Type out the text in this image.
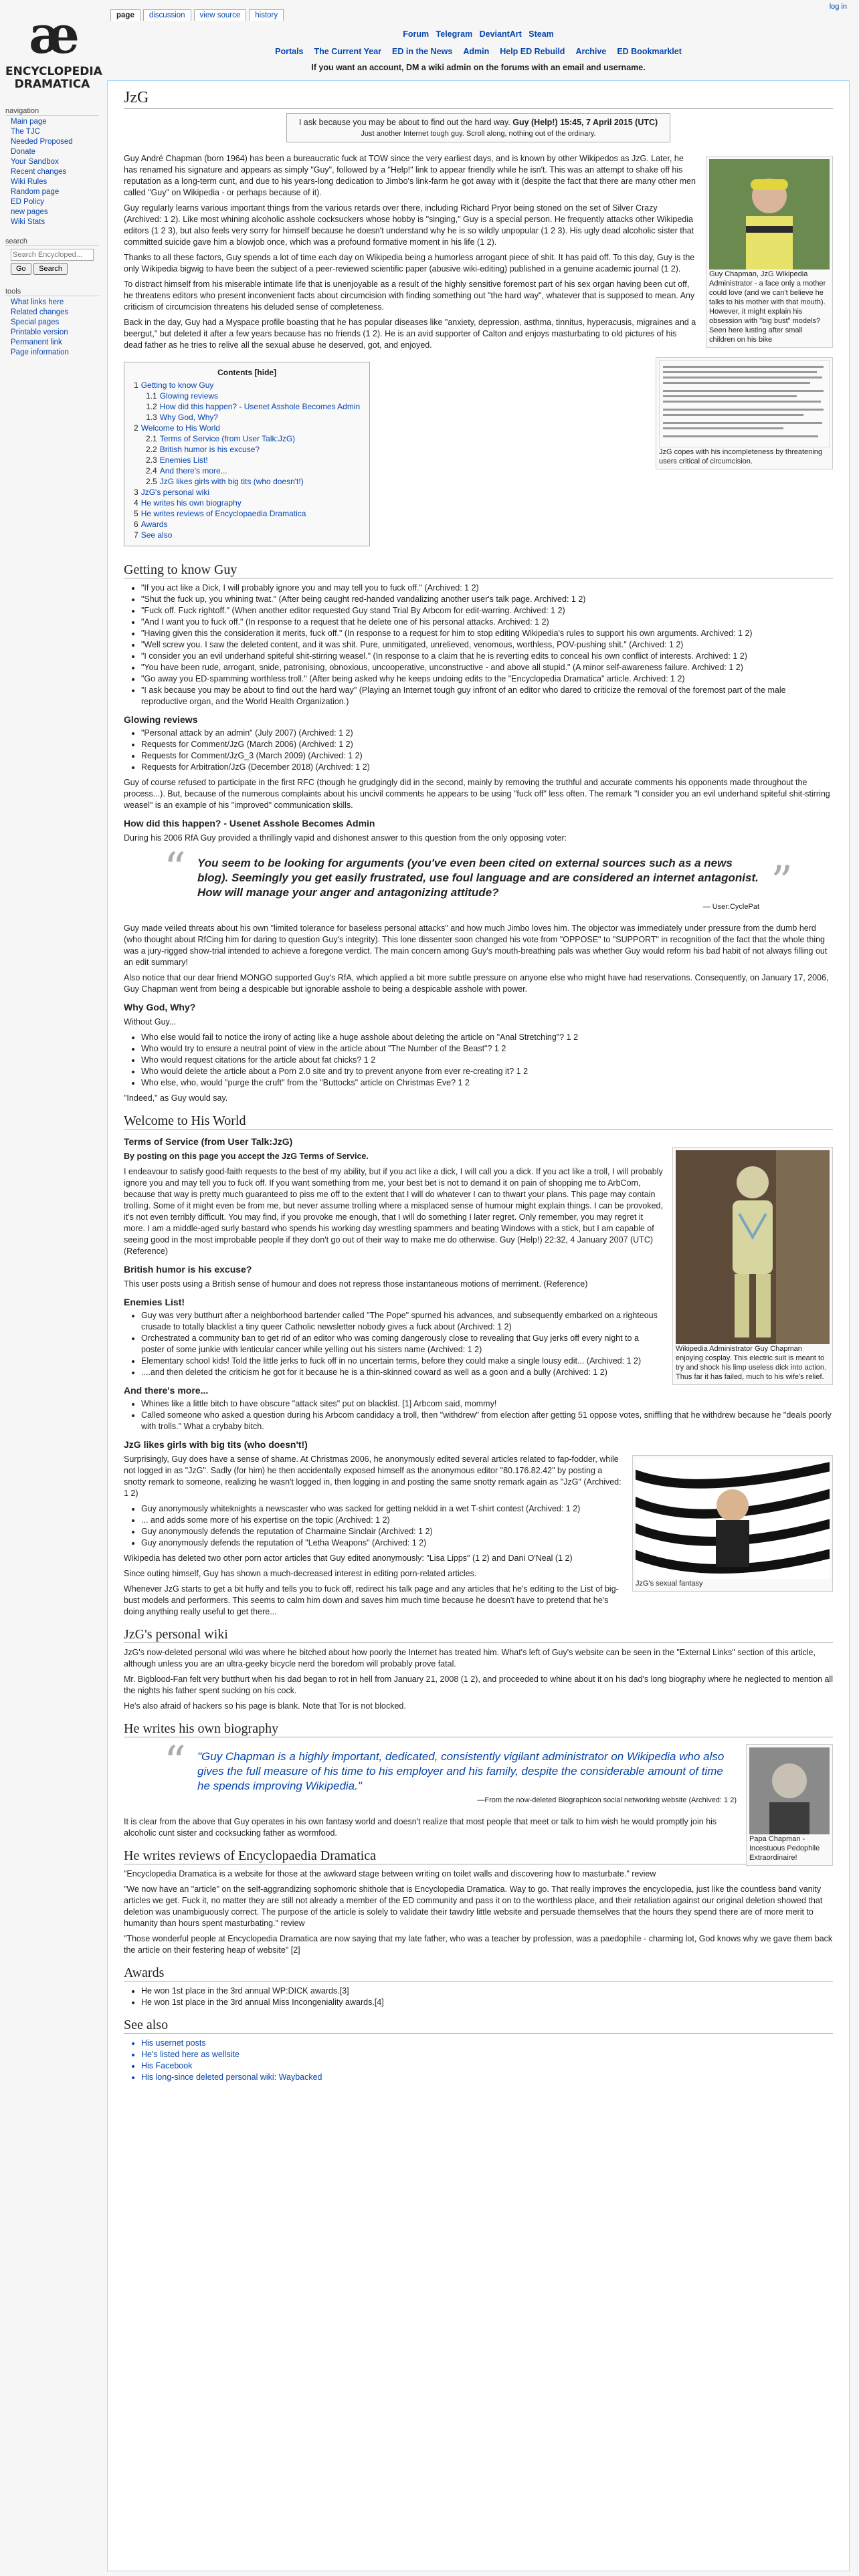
æ
ENCYCLOPEDIA
DRAMATICA
navigation
Main page
The TJC
Needed Proposed
Donate
Your Sandbox
Recent changes
Wiki Rules
Random page
ED Policy
new pages
Wiki Stats
search
Search Encycloped...
Go Search
tools
What links here
Related changes
Special pages
Printable version
Permanent link
Page information
page	discussion	view source	history
log in
Forum Telegram DeviantArt Steam
Portals The Current Year ED in the News Admin Help ED Rebuild Archive ED Bookmarklet
If you want an account, DM a wiki admin on the forums with an email and username.
JzG
I ask because you may be about to find out the hard way. Guy (Help!) 15:45, 7 April 2015 (UTC)
Just another Internet tough guy. Scroll along, nothing out of the ordinary.
Guy Chapman, JzG Wikipedia Administrator - a face only a mother could love (and we can't believe he talks to his mother with that mouth). However, it might explain his obsession with "big bust" models? Seen here lusting after small children on his bike

Guy André Chapman (born 1964) has been a bureaucratic fuck at TOW since the very earliest days, and is known by other Wikipedos as JzG. Later, he has renamed his signature and appears as simply "Guy", followed by a "Help!" link to appear friendly while he isn't. This was an attempt to shake off his reputation as a long-term cunt, and due to his years-long dedication to Jimbo's link-farm he got away with it (despite the fact that there are many other men called "Guy" on Wikipedia - or perhaps because of it).

Guy regularly learns various important things from the various retards over there, including Richard Pryor being stoned on the set of Silver Crazy (Archived: 1 2). Like most whining alcoholic asshole cocksuckers whose hobby is "singing," Guy is a special person. He frequently attacks other Wikipedia editors (1 2 3), but also feels very sorry for himself because he doesn't understand why he is so wildly unpopular (1 2 3). His ugly dead alcoholic sister that committed suicide gave him a blowjob once, which was a profound formative moment in his life (1 2).

JzG copes with his incompleteness by threatening users critical of circumcision.

Thanks to all these factors, Guy spends a lot of time each day on Wikipedia being a humorless arrogant piece of shit. It has paid off. To this day, Guy is the only Wikipedia bigwig to have been the subject of a peer-reviewed scientific paper (abusive wiki-editing) published in a genuine academic journal (1 2).

To distract himself from his miserable intimate life that is unenjoyable as a result of the highly sensitive foremost part of his sex organ having been cut off, he threatens editors who present inconvenient facts about circumcision with finding something out "the hard way", whatever that is supposed to mean. Any criticism of circumcision threatens his deluded sense of completeness.

Back in the day, Guy had a Myspace profile boasting that he has popular diseases like "anxiety, depression, asthma, tinnitus, hyperacusis, migraines and a beergut," but deleted it after a few years because has no friends (1 2). He is an avid supporter of Calton and enjoys masturbating to old pictures of his dead father as he tries to relive all the sexual abuse he deserved, got, and enjoyed.

Contents [hide]
1 Getting to know Guy
1.1 Glowing reviews
1.2 How did this happen? - Usenet Asshole Becomes Admin
1.3 Why God, Why?
2 Welcome to His World
2.1 Terms of Service (from User Talk:JzG)
2.2 British humor is his excuse?
2.3 Enemies List!
2.4 And there's more...
2.5 JzG likes girls with big tits (who doesn't!)
3 JzG's personal wiki
4 He writes his own biography
5 He writes reviews of Encyclopaedia Dramatica
6 Awards
7 See also
Getting to know Guy
• "If you act like a Dick, I will probably ignore you and may tell you to fuck off." (Archived: 1 2)
• "Shut the fuck up, you whining twat." (After being caught red-handed vandalizing another user's talk page. Archived: 1 2)
• "Fuck off. Fuck rightoff." (When another editor requested Guy stand Trial By Arbcom for edit-warring. Archived: 1 2)
• "And I want you to fuck off." (In response to a request that he delete one of his personal attacks. Archived: 1 2)
• "Having given this the consideration it merits, fuck off." (In response to a request for him to stop editing Wikipedia's rules to support his own arguments. Archived: 1 2)
• "Well screw you. I saw the deleted content, and it was shit. Pure, unmitigated, unrelieved, venomous, worthless, POV-pushing shit." (Archived: 1 2)
• "I consider you an evil underhand spiteful shit-stirring weasel." (In response to a claim that he is reverting edits to conceal his own conflict of interests. Archived: 1 2)
• "You have been rude, arrogant, snide, patronising, obnoxious, uncooperative, unconstructive - and above all stupid." (A minor self-awareness failure. Archived: 1 2)
• "Go away you ED-spamming worthless troll." (After being asked why he keeps undoing edits to the "Encyclopedia Dramatica" article. Archived: 1 2)
• "I ask because you may be about to find out the hard way" (Playing an Internet tough guy infront of an editor who dared to criticize the removal of the foremost part of the male reproductive organ, and the World Health Organization.)
Glowing reviews
• "Personal attack by an admin" (July 2007) (Archived: 1 2)
• Requests for Comment/JzG (March 2006) (Archived: 1 2)
• Requests for Comment/JzG_3 (March 2009) (Archived: 1 2)
• Requests for Arbitration/JzG (December 2018) (Archived: 1 2)

Guy of course refused to participate in the first RFC (though he grudgingly did in the second, mainly by removing the truthful and accurate comments his opponents made throughout the process...). But, because of the numerous complaints about his uncivil comments he appears to be using "fuck off" less often. The remark "I consider you an evil underhand spiteful shit-stirring weasel" is an example of his "improved" communication skills.

How did this happen? - Usenet Asshole Becomes Admin

During his 2006 RfA Guy provided a thrillingly vapid and dishonest answer to this question from the only opposing voter:

“ You seem to be looking for arguments (you've even been cited on external sources such as a news blog). Seemingly you get easily frustrated, use foul language and are considered an internet antagonist. How will manage your anger and antagonizing attitude?	”
— User:CyclePat

Guy made veiled threats about his own "limited tolerance for baseless personal attacks" and how much Jimbo loves him. The objector was immediately under pressure from the dumb herd (who thought about RfCing him for daring to question Guy's integrity). This lone dissenter soon changed his vote from "OPPOSE" to "SUPPORT" in recognition of the fact that the whole thing was a jury-rigged show-trial intended to achieve a foregone verdict. The main concern among Guy's mouth-breathing pals was whether Guy would reform his bad habit of not always filling out an edit summary!

Also notice that our dear friend MONGO supported Guy's RfA, which applied a bit more subtle pressure on anyone else who might have had reservations. Consequently, on January 17, 2006, Guy Chapman went from being a despicable but ignorable asshole to being a despicable asshole with power.

Why God, Why?

Without Guy...

• Who else would fail to notice the irony of acting like a huge asshole about deleting the article on "Anal Stretching"? 1 2
• Who would try to ensure a neutral point of view in the article about "The Number of the Beast"? 1 2
• Who would request citations for the article about fat chicks? 1 2
• Who would delete the article about a Porn 2.0 site and try to prevent anyone from ever re-creating it? 1 2
• Who else, who, would "purge the cruft" from the "Buttocks" article on Christmas Eve? 1 2

"Indeed," as Guy would say.

Welcome to His World
Wikipedia Administrator Guy Chapman enjoying cosplay. This electric suit is meant to try and shock his limp useless dick into action. Thus far it has failed, much to his wife's relief.
Terms of Service (from User Talk:JzG)

By posting on this page you accept the JzG Terms of Service.

I endeavour to satisfy good-faith requests to the best of my ability, but if you act like a dick, I will call you a dick. If you act like a troll, I will probably ignore you and may tell you to fuck off. If you want something from me, your best bet is not to demand it on pain of shopping me to ArbCom, because that way is pretty much guaranteed to piss me off to the extent that I will do whatever I can to thwart your plans. This page may contain trolling. Some of it might even be from me, but never assume trolling where a misplaced sense of humour might explain things. I can be provoked, it's not even terribly difficult. You may find, if you provoke me enough, that I will do something I later regret. Only remember, you may regret it more. I am a middle-aged surly bastard who spends his working day wrestling spammers and beating Windows with a stick, but I am capable of seeing good in the most improbable people if they don't go out of their way to make me do otherwise. Guy (Help!) 22:32, 4 January 2007 (UTC) (Reference)

British humor is his excuse?

This user posts using a British sense of humour and does not repress those instantaneous motions of merriment. (Reference)

Enemies List!
• Guy was very butthurt after a neighborhood bartender called "The Pope" spurned his advances, and subsequently embarked on a righteous crusade to totally blacklist a tiny queer Catholic newsletter nobody gives a fuck about (Archived: 1 2)
• Orchestrated a community ban to get rid of an editor who was coming dangerously close to revealing that Guy jerks off every night to a poster of some junkie with lenticular cancer while yelling out his sisters name (Archived: 1 2)
• Elementary school kids! Told the little jerks to fuck off in no uncertain terms, before they could make a single lousy edit... (Archived: 1 2)
• ....and then deleted the criticism he got for it because he is a thin-skinned coward as well as a goon and a bully (Archived: 1 2)
And there's more...
• Whines like a little bitch to have obscure "attack sites" put on blacklist. [1] Arbcom said, mommy!
• Called someone who asked a question during his Arbcom candidacy a troll, then "withdrew" from election after getting 51 oppose votes, sniffling that he withdrew because he "deals poorly with trolls." What a crybaby bitch.
JzG likes girls with big tits (who doesn't!)
JzG's sexual fantasy

Surprisingly, Guy does have a sense of shame. At Christmas 2006, he anonymously edited several articles related to fap-fodder, while not logged in as "JzG". Sadly (for him) he then accidentally exposed himself as the anonymous editor "80.176.82.42" by posting a snotty remark to someone, realizing he wasn't logged in, then logging in and posting the same snotty remark again as "JzG" (Archived: 1 2)

• Guy anonymously whiteknights a newscaster who was sacked for getting nekkid in a wet T-shirt contest (Archived: 1 2)
• ... and adds some more of his expertise on the topic (Archived: 1 2)
• Guy anonymously defends the reputation of Charmaine Sinclair (Archived: 1 2)
• Guy anonymously defends the reputation of "Letha Weapons" (Archived: 1 2)

Wikipedia has deleted two other porn actor articles that Guy edited anonymously: "Lisa Lipps" (1 2) and Dani O'Neal (1 2)

Since outing himself, Guy has shown a much-decreased interest in editing porn-related articles.

Whenever JzG starts to get a bit huffy and tells you to fuck off, redirect his talk page and any articles that he's editing to the List of big-bust models and performers. This seems to calm him down and saves him much time because he doesn't have to pretend that he's doing anything really useful to get there...

JzG's personal wiki

JzG's now-deleted personal wiki was where he bitched about how poorly the Internet has treated him. What's left of Guy's website can be seen in the "External Links" section of this article, although unless you are an ultra-geeky bicycle nerd the boredom will probably prove fatal.

Mr. Bigblood-Fan felt very butthurt when his dad began to rot in hell from January 21, 2008 (1 2), and proceeded to whine about it on his dad's long biography where he neglected to mention all the nights his father spent sucking on his cock.

He's also afraid of hackers so his page is blank. Note that Tor is not blocked.

He writes his own biography
Papa Chapman - Incestuous Pedophile Extraordinaire!
“ "Guy Chapman is a highly important, dedicated, consistently vigilant administrator on Wikipedia who also gives the full measure of his time to his employer and his family, despite the considerable amount of time he spends improving Wikipedia."
—From the now-deleted Biographicon social networking website (Archived: 1 2)

It is clear from the above that Guy operates in his own fantasy world and doesn't realize that most people that meet or talk to him wish he would promptly join his alcoholic cunt sister and cocksucking father as wormfood.

He writes reviews of Encyclopaedia Dramatica

"Encyclopedia Dramatica is a website for those at the awkward stage between writing on toilet walls and discovering how to masturbate." review

"We now have an "article" on the self-aggrandizing sophomoric shithole that is Encyclopedia Dramatica. Way to go. That really improves the encyclopedia, just like the countless band vanity articles we get. Fuck it, no matter they are still not already a member of the ED community and pass it on to the worthless place, and their retaliation against our original deletion showed that deletion was unambiguously correct. The purpose of the article is solely to validate their tawdry little website and persuade themselves that the hours they spend there are of more merit to humanity than hours spent masturbating." review

"Those wonderful people at Encyclopedia Dramatica are now saying that my late father, who was a teacher by profession, was a paedophile - charming lot, God knows why we gave them back the article on their festering heap of website" [2]

Awards
• He won 1st place in the 3rd annual WP:DICK awards.[3]
• He won 1st place in the 3rd annual Miss Incongeniality awards.[4]
See also
• His usernet posts
• He's listed here as wellsite
• His Facebook
• His long-since deleted personal wiki: Waybacked
